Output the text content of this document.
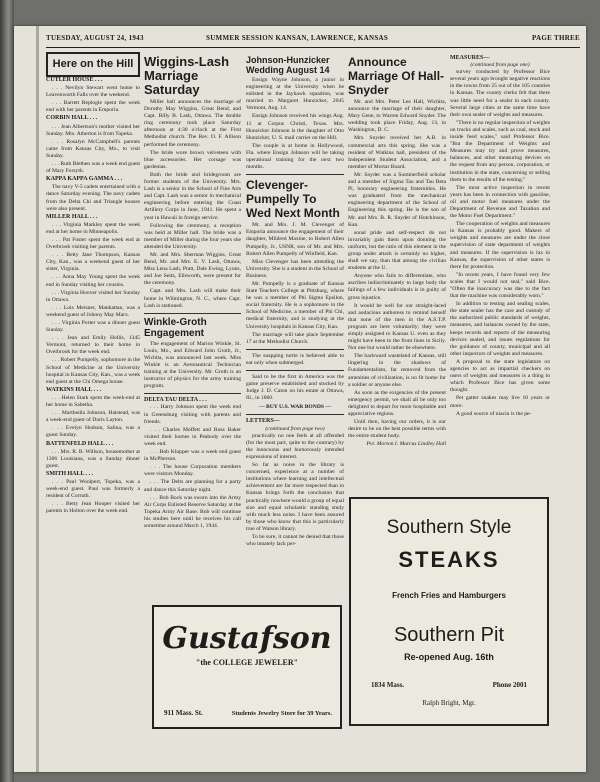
TUESDAY, AUGUST 24, 1943	SUMMER SESSION KANSAN, LAWRENCE, KANSAS	PAGE THREE
Here on the Hill

CUTLER HOUSE . . .

. . . Nevilyn Stewart went home to Leavenworth Falls over the weekend.

. . . Barrett Replogle spent the week end with her parents in Emporia.

CORBIN HALL . . .

. . . Jean Albertson's mother visited her Sunday. Mrs. Atherton is from Topeka.

. . . Rosalyn McCampbell's parents came from Kansas City, Mo., to visit Sunday.

. . . Ruth Blethen was a week end guest of Mary Forsyth.

KAPPA KAPPA GAMMA . . .

The navy V-5 cadets entertained with a dance Saturday evening. The navy cadets from the Delta Chi and Triangle houses were also present.

MILLER HALL . . .

. . . Virginia Markley spent the week end at her home in Minneapolis.

. . . Pat Foster spent the week end at Overbrook visiting her parents.

. . . Betty Jane Thompson, Kansas City, Kan., was a weekend guest of her sister, Virginia.

. . . Anna May Young spent the week end in Sunday visiting her cousins.

. . . Virginia Hoover visited her Sunday in Ottawa.

. . . Lois Meisner, Manhattan, was a weekend guest of Johnny May Marx.

. . . Virginia Porter was a dinner guest Sunday.

. . . Jean and Emily Hollis, 1345 Vermont, returned to their home in Overbrook for the week end.

. . . Robert Pumpelly, sophomore in the School of Medicine at the University hospital in Kansas City, Kan., was a week end guest at the Chi Omega house.

WATKINS HALL . . .

. . . Helen Stark spent the week-end at her home in Sabetha.

. . . Marthedia Johnson, Halstead, was a week-end guest of Doris Layton.

. . . Evelyn Hodson, Salina, was a guest Sunday.

BATTENFELD HALL . . .

. . . Mrs. R. B. Willson, housemother at 1306 Louisiana, was a Sunday dinner guest.

SMITH HALL . . .

. . . Paul Woolpert, Topeka, was a week-end guest. Paul was formerly a resident of Corruth.

. . . Betty Jean Hooper visited her parents in Holton over the week end.

Wiggins-Lash Marriage Saturday

Miller hall announces the marriage of Dorothy May Wiggins, Great Bend, and Capt. Billy B. Lash, Ottawa. The double ring ceremony took place Saturday afternoon at 4:30 o'clock at the First Methodist church. The Rev. O. F. Allison performed the ceremony.

The bride wore brown velveteen with blue accessories. Her corsage was gardenias.

Both the bride and bridegroom are former students of the University. Mrs. Lash is a senior in the School of Fine Arts and Capt. Lash was a senior in mechanical engineering before entering the Coast Artillery Corps in June, 1941. He spent a year in Hawaii in foreign service.

Following the ceremony, a reception was held at Miller hall. The bride was a member of Miller during the four years she attended the University.

Mr. and Mrs. Sherman Wiggins, Great Bend, Mr. and Mrs. E. V. Lash, Ottawa, Miss Lena Lash, Pratt, Dale Ewing, Lyons, and Joe Seitz, Ellsworth, were present for the ceremony.

Capt. and Mrs. Lash will make their home in Wilmington, N. C., where Capt. Lash is stationed.

Winkle-Groth Engagement

The engagement of Marion Winkle, St. Louis, Mo., and Edward John Groth, Jr., Wichita, was announced last week. Miss Winkle is an Aeronautical Technician training at the University. Mr. Groth is an instructor of physics for the army training program.

DELTA TAU DELTA . . .

. . . Harry Johnson spent the week end in Greensburg visiting with parents and friends.

. . . Charles Moffett and Ross Baker visited their homes in Peabody over the week end.

. . . Bob Klopper was a week end guest in McPherson.

. . . The house Corporation members were visitors Monday.

. . . The Delts are planning for a party and dance this Saturday night.

. . . Bob Bock was sworn into the Army Air Corps Enlisted Reserve Saturday at the Topeka Army Air Base. Bob will continue his studies here until he receives his call sometime around March 1, 1944.

Johnson-Hunzicker Wedding August 14

Ensign Wayne Johnson, a junior in engineering at the University when he enlisted in the Jayhawk squadron, was married to Margaret Hunzicker, 2045 Vermont, Aug. 14.

Ensign Johnson received his wings Aug. 11 at Corpus Christi, Texas. Mrs. Hunzicker Johnson is the daughter of Otto Hunzicker, U. S. mail carrier on the Hill.

The couple is at home in Hollywood, Fla. where Ensign Johnson will be taking operational training for the next two months.

Clevenger-Pumpelly To Wed Next Month

Mr. and Mrs. J. M. Clevenger of Emporia announce the engagement of their daughter, Mildred Maxine, to Robert Allen Pumpelly, Jr., USNR, son of Mr. and Mrs. Robert Allen Pumpelly of Winfield, Kan.

Miss Clevenger has been attending the University. She is a student in the School of Business.

Mr. Pumpelly is a graduate of Kansas State Teachers College at Pittsburg, where he was a member of Phi Sigma Epsilon, social fraternity. He is a sophomore in the School of Medicine, a member of Phi Chi, medical fraternity, and is studying at the University hospitals in Kansas City, Kan.

The marriage will take place September 17 at the Methodist Church.

The snapping turtle is believed able to eat only when submerged.

Said to be the first in America was the game preserve established and stocked by Judge J. D. Caton on his estate at Ottawa, Ill., in 1860.

— BUY U.S. WAR BONDS —
LETTERS—
(continued from page two)

practically no one feels at all offended (for the most part, quite to the contrary) by the innocuous and humorously intended expressions of interest.

So far as noise in the library is concerned, experience at a number of institutions where learning and intellectual achievement are far more respected than in Kansas brings forth the conclusion that practically nowhere would a group of equal size and equal scholastic standing study with much less noise. I have been assured by those who know that this is particularly true of Watson library.

To be sure, it cannot be denied that those who innately lack per-

Announce Marriage Of Hall-Snyder

Mr. and Mrs. Peter Lee Hall, Wichita, announce the marriage of their daughter, Mary Gene, to Warren Edward Snyder. The wedding took place Friday, Aug. 13, in Washington, D. C.

Mrs. Snyder received her A.B. in commercial arts this spring. She was a resident of Watkins hall, president of the Independent Student Association, and a member of Mortar Board.

Mr. Snyder was a Summerfield scholar and a member of Sigma Tau and Tau Beta Pi, honorary engineering fraternities. He was graduated from the mechanical engineering department of the School of Engineering this spring. He is the son of Mr. and Mrs. B. R. Snyder of Hutchinson, Kan.

sonal pride and self-respect do not invariably gain them upon donning the uniform, but the ratio of this element in the group under attack is certainly no higher, shall we say, than that among the civilian students at the U.

Anyone who fails to differentiate, who ascribes indiscriminately to large body the failings of a few individuals is in guilty of gross injustice.

It would be well for our straight-laced and audacious authoress to remind herself that none of the men in the A.S.T.P. program are here voluntarily; they were simply assigned to Kansas U. even as they might have been to the front lines in Sicily. Not one but would rather be elsewhere.

The backward wasteland of Kansas, still lingering in the shadows of Fundamentalism, far removed from the amenities of civilization, is no fit home for a soldier or anyone else.

As soon as the exigencies of the present emergency permit, we shall all be only too delighted to depart for more hospitable and appreciative regions.

Until then, having our orders, it is our desire to be on the best possible terms with the entire student body.

Pvt. Morton I. Marcus Lindley Hall
MEASURES—
(continued from page one)

survey conducted by Professor Bice several years ago brought negative reactions in the towns from 25 out of the 105 counties in Kansas. The county clerks felt that there was little need for a sealer in each county. Several large cities at the same time have their own sealer of weights and measures.

"There is no regular inspection of weights on trucks and scales, such as coal, stock and inside feed scales," said Professor Bice. "But the Department of Weights and Measures may try and prove measures, balances, and other measuring devices on the request from any person, corporation, or institution in the state, concerning or selling them to the results of the testing."

The most active inspection in recent years has been in connection with gasoline, oil and motor fuel measures under the Department of Revenue and Taxation and the Motor Fuel Department."

The cooperation of weights and measures in Kansas is probably good. Makers of weights and measures are under the close supervision of state department of weights and measures. If the supervision is lax in Kansas, the supervision of other states is there for protection.

"In recent years, I have found very few scales that I would not seal," said Bice. "Often the inaccuracy was due to the fact that the machine was considerably worn."

In addition to testing and sealing scales, the state sealer has the care and custody of the authorized public standards of weights, measures, and balances owned by the state, keeps records and reports of the measuring devices sealed, and issues regulations for the guidance of county, municipal and all other inspectors of weights and measures.

A proposal to the state legislature on agencies to act as impartial checkers on users of weights and measures is a thing to which Professor Bice has given some thought.

Pet gatter snakes may live 10 years or more.

A good source of niacin is the pe-

Gustafson
"the COLLEGE JEWELER"
911 Mass. St.	Students Jewelry Store for 39 Years.
Southern Style
STEAKS
French Fries and Hamburgers
Southern Pit
Re-opened Aug. 16th
1834 Mass.	Phone 2001
Ralph Bright, Mgr.
